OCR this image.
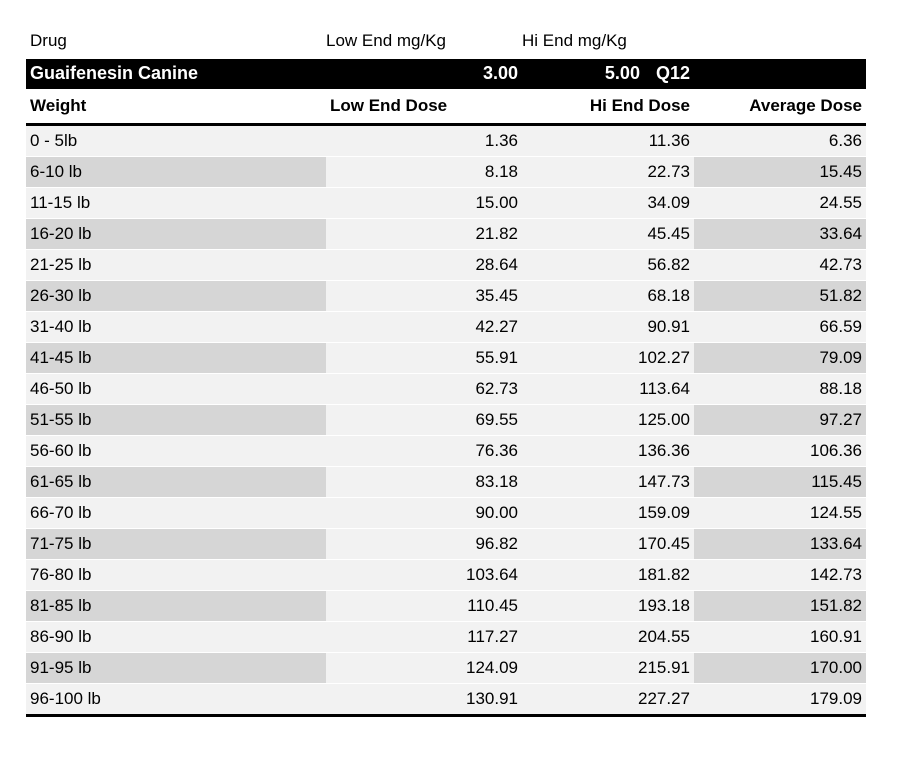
Drug	Low End mg/Kg	Hi End mg/Kg	
Guaifenesin Canine	3.00	5.00 Q12	
Weight	Low End Dose	Hi End Dose	Average Dose
0 - 5lb	1.36	11.36	6.36
6-10 lb	8.18	22.73	15.45
11-15 lb	15.00	34.09	24.55
16-20 lb	21.82	45.45	33.64
21-25 lb	28.64	56.82	42.73
26-30 lb	35.45	68.18	51.82
31-40 lb	42.27	90.91	66.59
41-45 lb	55.91	102.27	79.09
46-50 lb	62.73	113.64	88.18
51-55 lb	69.55	125.00	97.27
56-60 lb	76.36	136.36	106.36
61-65 lb	83.18	147.73	115.45
66-70 lb	90.00	159.09	124.55
71-75 lb	96.82	170.45	133.64
76-80 lb	103.64	181.82	142.73
81-85 lb	110.45	193.18	151.82
86-90 lb	117.27	204.55	160.91
91-95 lb	124.09	215.91	170.00
96-100 lb	130.91	227.27	179.09
